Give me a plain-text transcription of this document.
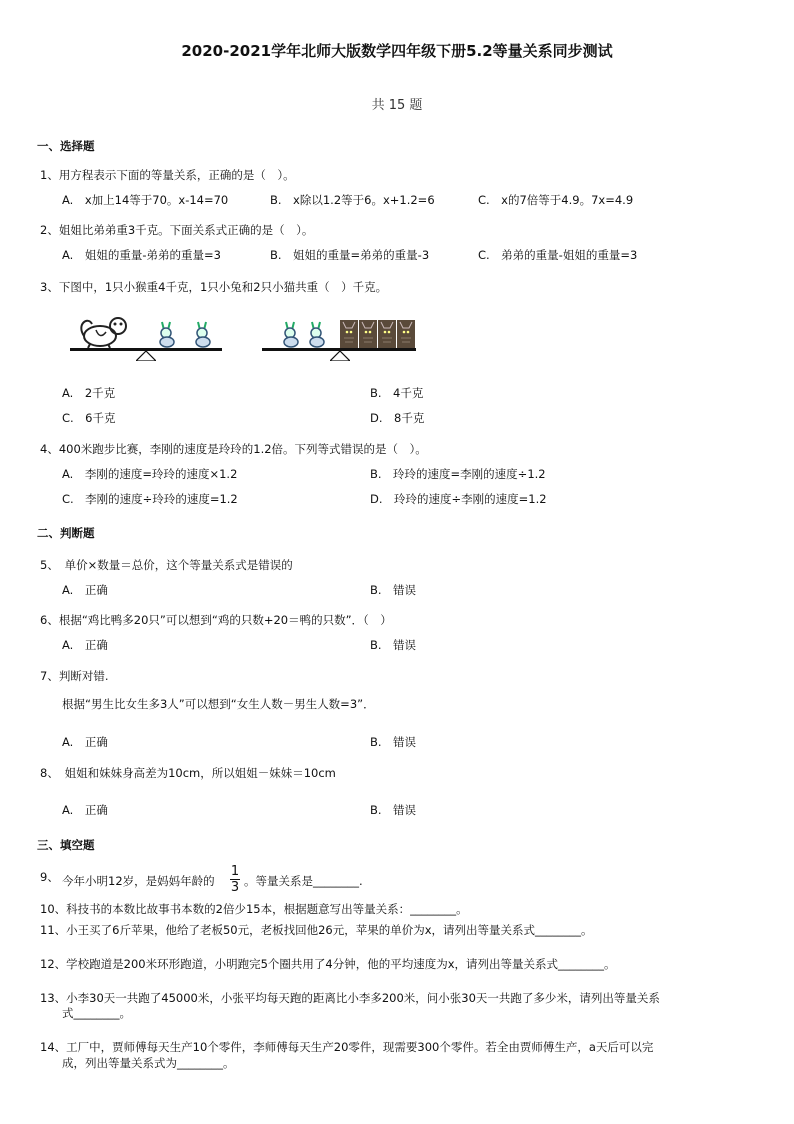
2020-2021学年北师大版数学四年级下册5.2等量关系同步测试
共 15 题
一、选择题
1、用方程表示下面的等量关系，正确的是（　）。
A.　x加上14等于70。x-14=70	B.　x除以1.2等于6。x+1.2=6	C.　x的7倍等于4.9。7x=4.9
2、姐姐比弟弟重3千克。下面关系式正确的是（　）。
A.　姐姐的重量-弟弟的重量=3	B.　姐姐的重量=弟弟的重量-3	C.　弟弟的重量-姐姐的重量=3
3、下图中，1只小猴重4千克，1只小兔和2只小猫共重（　）千克。
A.　2千克	B.　4千克
C.　6千克	D.　8千克
4、400米跑步比赛，李刚的速度是玲玲的1.2倍。下列等式错误的是（　）。
A.　李刚的速度=玲玲的速度×1.2	B.　玲玲的速度=李刚的速度÷1.2
C.　李刚的速度÷玲玲的速度=1.2	D.　玲玲的速度÷李刚的速度=1.2
二、判断题
5、　单价×数量＝总价，这个等量关系式是错误的
A.　正确	B.　错误
6、根据“鸡比鸭多20只”可以想到“鸡的只数+20＝鸭的只数”．（　）
A.　正确	B.　错误
7、判断对错.
根据“男生比女生多3人”可以想到“女生人数－男生人数=3”．
A.　正确	B.　错误
8、　姐姐和妹妹身高差为10cm，所以姐姐－妹妹＝10cm
A.　正确	B.　错误
三、填空题
9、 今年小明12岁，是妈妈年龄的
1
3 。等量关系是________.
10、科技书的本数比故事书本数的2倍少15本，根据题意写出等量关系：________。
11、小王买了6斤苹果，他给了老板50元，老板找回他26元，苹果的单价为x，请列出等量关系式________。
12、学校跑道是200米环形跑道，小明跑完5个圈共用了4分钟，他的平均速度为x，请列出等量关系式________。
13、小李30天一共跑了45000米，小张平均每天跑的距离比小李多200米，问小张30天一共跑了多少米，请列出等量关系
式________。
14、工厂中，贾师傅每天生产10个零件，李师傅每天生产20零件，现需要300个零件。若全由贾师傅生产，a天后可以完
成，列出等量关系式为________。
